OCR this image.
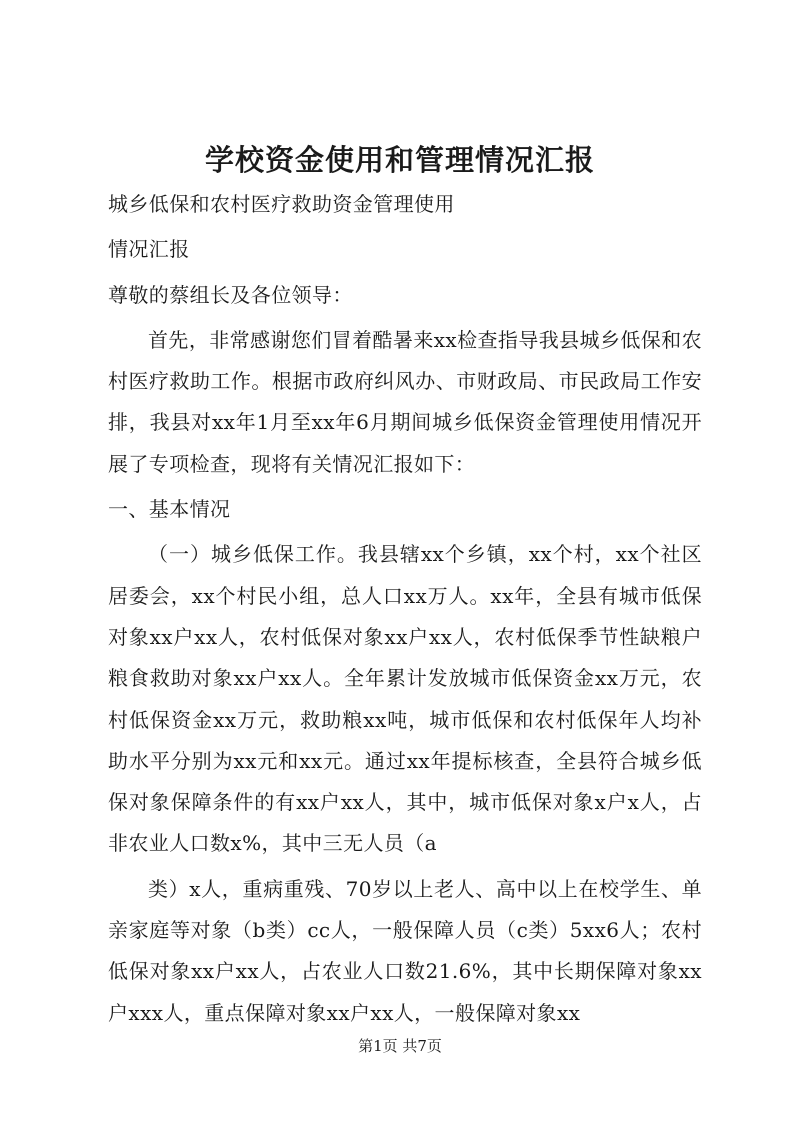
学校资金使用和管理情况汇报

城乡低保和农村医疗救助资金管理使用

情况汇报

尊敬的蔡组长及各位领导：

首先，非常感谢您们冒着酷暑来xx检查指导我县城乡低保和农村医疗救助工作。根据市政府纠风办、市财政局、市民政局工作安排，我县对xx年1月至xx年6月期间城乡低保资金管理使用情况开展了专项检查，现将有关情况汇报如下：

一、基本情况

（一）城乡低保工作。我县辖xx个乡镇，xx个村，xx个社区居委会，xx个村民小组，总人口xx万人。xx年，全县有城市低保对象xx户xx人，农村低保对象xx户xx人，农村低保季节性缺粮户粮食救助对象xx户xx人。全年累计发放城市低保资金xx万元，农村低保资金xx万元，救助粮xx吨，城市低保和农村低保年人均补助水平分别为xx元和xx元。通过xx年提标核查，全县符合城乡低保对象保障条件的有xx户xx人，其中，城市低保对象x户x人，占非农业人口数x%，其中三无人员（a

类）x人，重病重残、70岁以上老人、高中以上在校学生、单亲家庭等对象（b类）cc人，一般保障人员（c类）5xx6人；农村低保对象xx户xx人，占农业人口数21.6%，其中长期保障对象xx户xxx人，重点保障对象xx户xx人，一般保障对象xx

第1页 共7页
